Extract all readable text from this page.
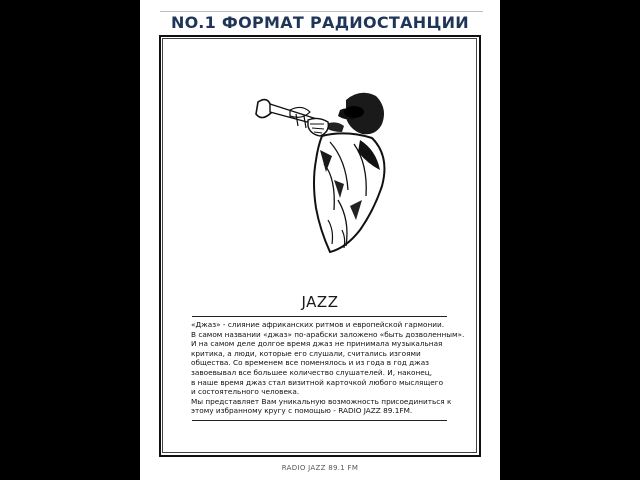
NO.1 ФОРМАТ РАДИОСТАНЦИИ
JAZZ

«Джаз» - слияние африканских ритмов и европейской гармонии.

В самом названии «джаз» по-арабски заложено «быть дозволенным».

И на самом деле долгое время джаз не принимала музыкальная

критика, а люди, которые его слушали, считались изгоями

общества. Со временем все поменялось и из года в год джаз

завоевывал все большее количество слушателей. И, наконец,

в наше время джаз стал визитной карточкой любого мыслящего

и состоятельного человека.

Мы представляет Вам уникальную возможность присоединиться к

этому избранному кругу с помощью - RADIO JAZZ 89.1FM.

RADIO JAZZ 89.1 FM
